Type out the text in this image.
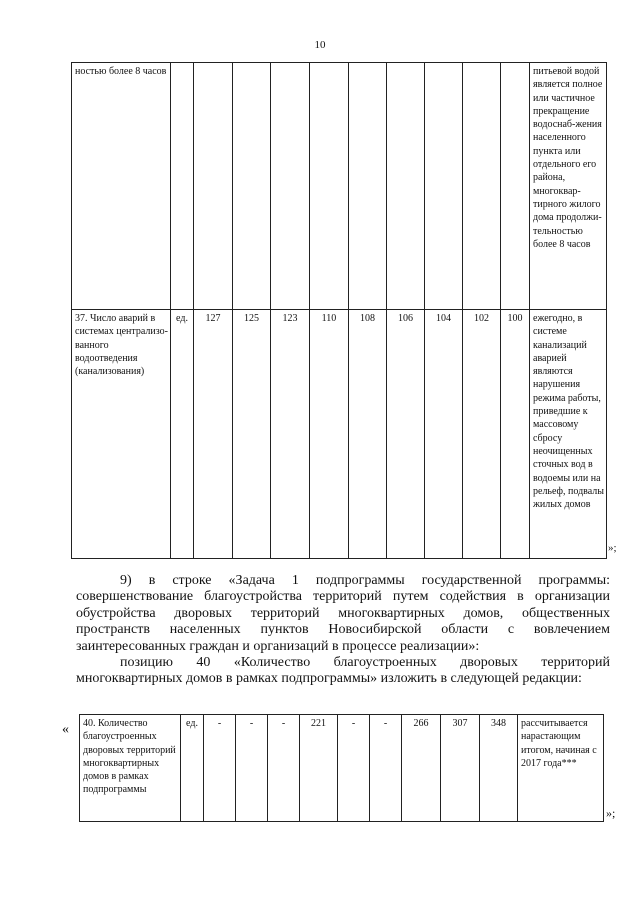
10
ностью более 8 часов											питьевой водой является полное или частичное прекращение водоснаб-жения населенного пункта или отдельного его района, многоквар-тирного жилого дома продолжи-тельностью более 8 часов
37. Число аварий в системах централизо-ванного водоотведения (канализования)	ед.	127	125	123	110	108	106	104	102	100	ежегодно, в системе канализаций аварией являются нарушения режима работы, приведшие к массовому сбросу неочищенных сточных вод в водоемы или на рельеф, подвалы жилых домов
»;

9) в строке «Задача 1 подпрограммы государственной программы: совершенствование благоустройства территорий путем содействия в организации обустройства дворовых территорий многоквартирных домов, общественных пространств населенных пунктов Новосибирской области с вовлечением заинтересованных граждан и организаций в процессе реализации»:

позицию 40 «Количество благоустроенных дворовых территорий многоквартирных домов в рамках подпрограммы» изложить в следующей редакции:

« 40. Количество благоустроенных дворовых территорий многоквартирных домов в рамках подпрограммы	ед.	-	-	-	221	-	-	266	307	348	рассчитывается нарастающим итогом, начиная с 2017 года***
»;
